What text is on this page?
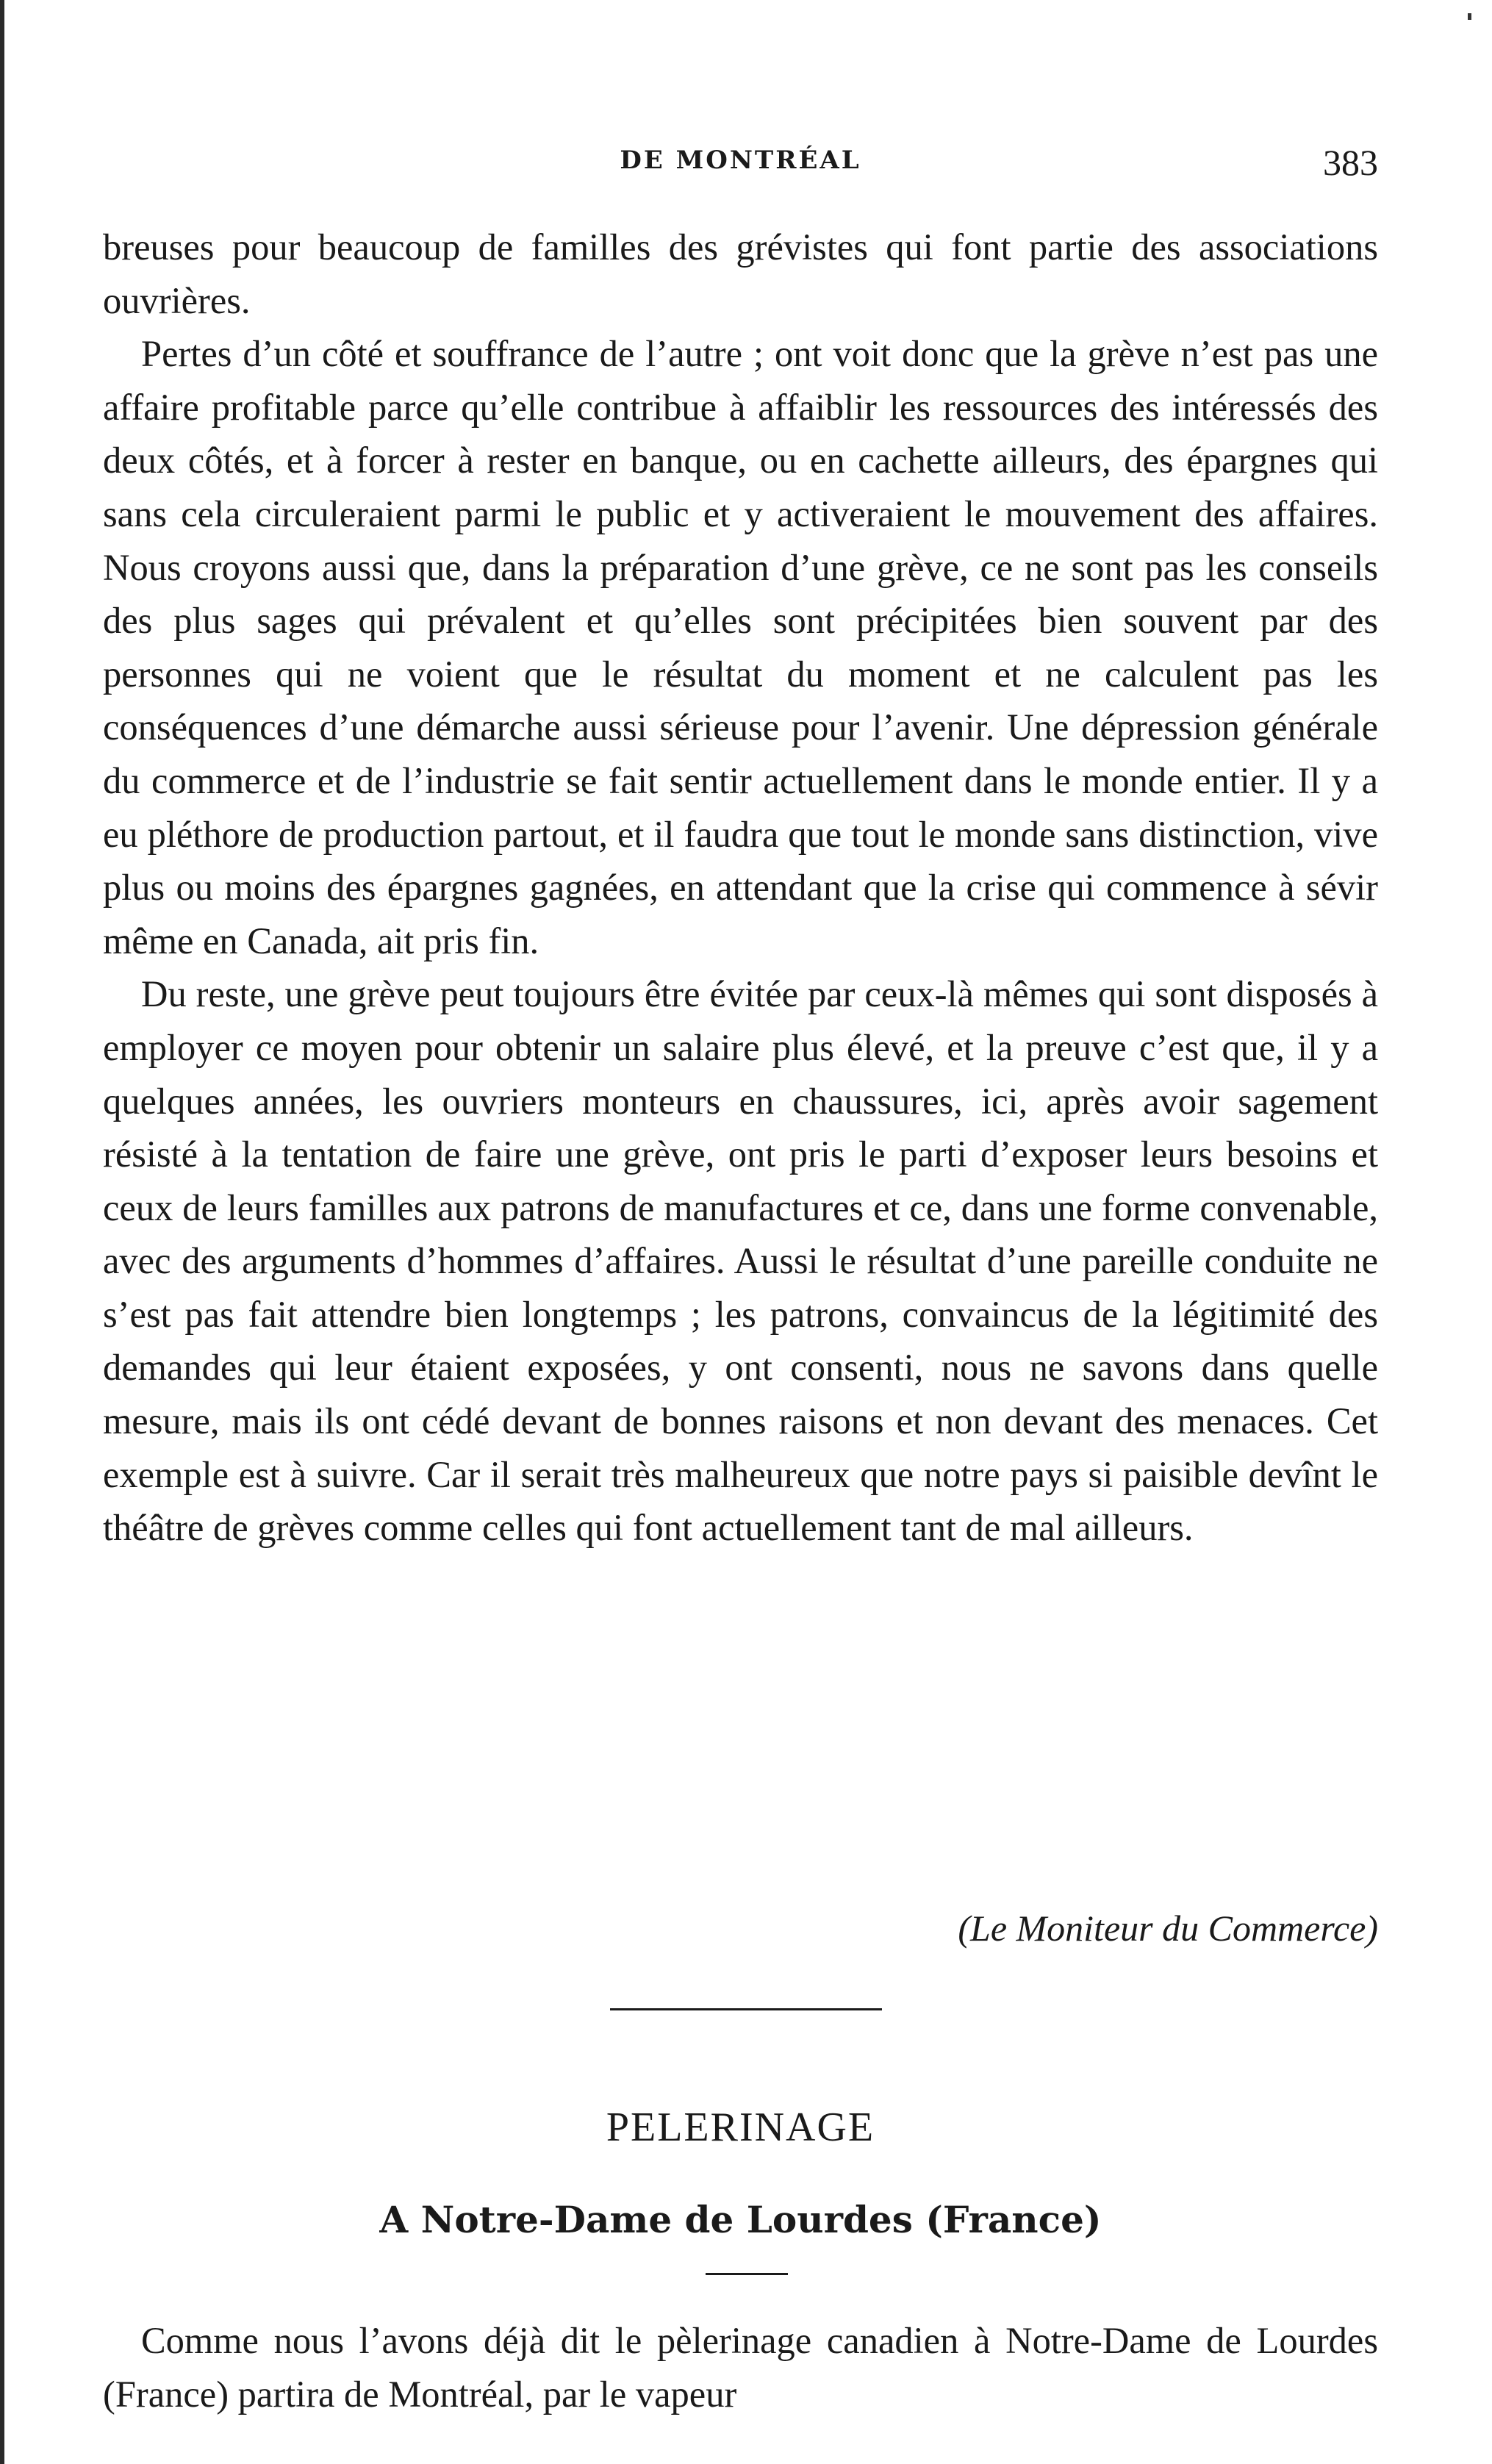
DE MONTRÉAL	383

breuses pour beaucoup de familles des grévistes qui font partie des associations ouvrières.

Pertes d’un côté et souffrance de l’autre ; ont voit donc que la grève n’est pas une affaire profitable parce qu’elle contribue à affaiblir les ressources des intéressés des deux côtés, et à forcer à rester en banque, ou en cachette ailleurs, des épargnes qui sans cela circuleraient parmi le public et y activeraient le mouvement des affaires. Nous croyons aussi que, dans la préparation d’une grève, ce ne sont pas les conseils des plus sages qui prévalent et qu’elles sont précipitées bien souvent par des personnes qui ne voient que le résultat du moment et ne calculent pas les conséquences d’une démarche aussi sérieuse pour l’avenir. Une dépression générale du commerce et de l’industrie se fait sentir actuellement dans le monde entier. Il y a eu pléthore de production partout, et il faudra que tout le monde sans distinction, vive plus ou moins des épargnes gagnées, en attendant que la crise qui commence à sévir même en Canada, ait pris fin.

Du reste, une grève peut toujours être évitée par ceux-là mêmes qui sont disposés à employer ce moyen pour obtenir un salaire plus élevé, et la preuve c’est que, il y a quelques années, les ouvriers monteurs en chaussures, ici, après avoir sagement résisté à la tentation de faire une grève, ont pris le parti d’exposer leurs besoins et ceux de leurs familles aux patrons de manufactures et ce, dans une forme convenable, avec des arguments d’hommes d’affaires. Aussi le résultat d’une pareille conduite ne s’est pas fait attendre bien longtemps ; les patrons, convaincus de la légitimité des demandes qui leur étaient exposées, y ont consenti, nous ne savons dans quelle mesure, mais ils ont cédé devant de bonnes raisons et non devant des menaces. Cet exemple est à suivre. Car il serait très malheureux que notre pays si paisible devînt le théâtre de grèves comme celles qui font actuellement tant de mal ailleurs.

(Le Moniteur du Commerce)
PELERINAGE
A Notre-Dame de Lourdes (France)

Comme nous l’avons déjà dit le pèlerinage canadien à Notre-Dame de Lourdes (France) partira de Montréal, par le vapeur
